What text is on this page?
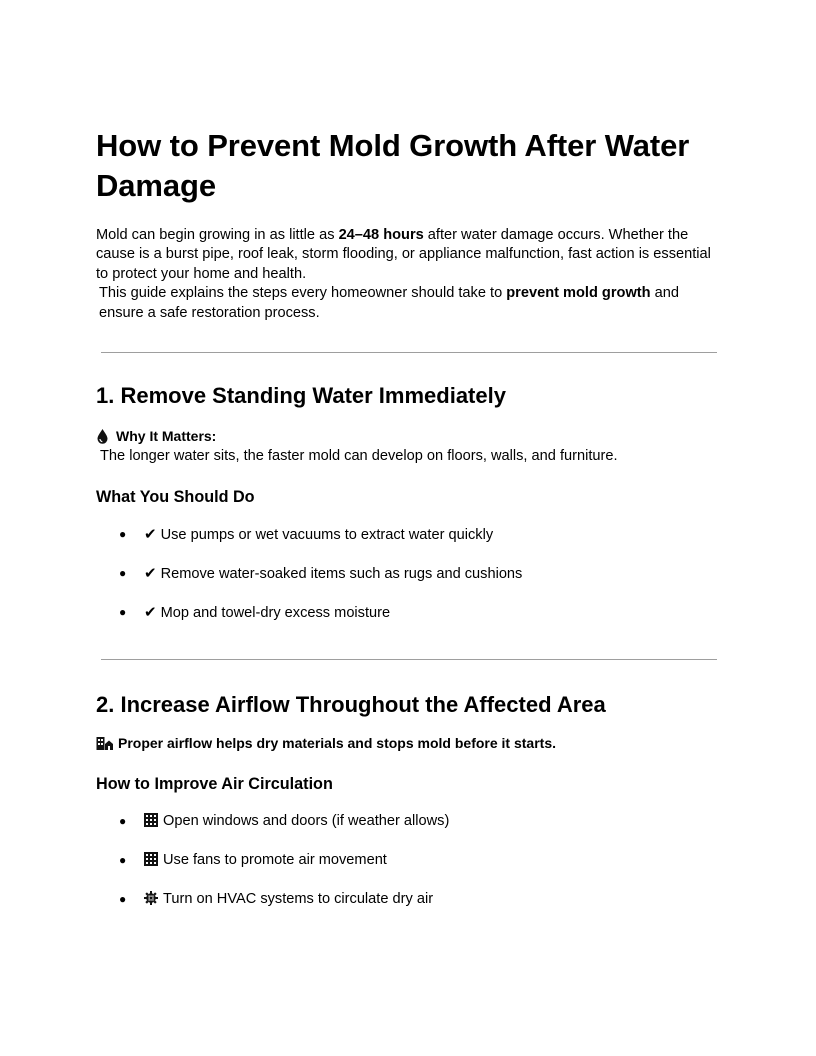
How to Prevent Mold Growth After Water Damage

Mold can begin growing in as little as 24–48 hours after water damage occurs. Whether the cause is a burst pipe, roof leak, storm flooding, or appliance malfunction, fast action is essential to protect your home and health.

This guide explains the steps every homeowner should take to prevent mold growth and ensure a safe restoration process.

1. Remove Standing Water Immediately
Why It Matters:
The longer water sits, the faster mold can develop on floors, walls, and furniture.
What You Should Do
● ✔ Use pumps or wet vacuums to extract water quickly
● ✔ Remove water-soaked items such as rugs and cushions
● ✔ Mop and towel-dry excess moisture
2. Increase Airflow Throughout the Affected Area
Proper airflow helps dry materials and stops mold before it starts.
How to Improve Air Circulation
●	Open windows and doors (if weather allows)
●	Use fans to promote air movement
●	Turn on HVAC systems to circulate dry air
